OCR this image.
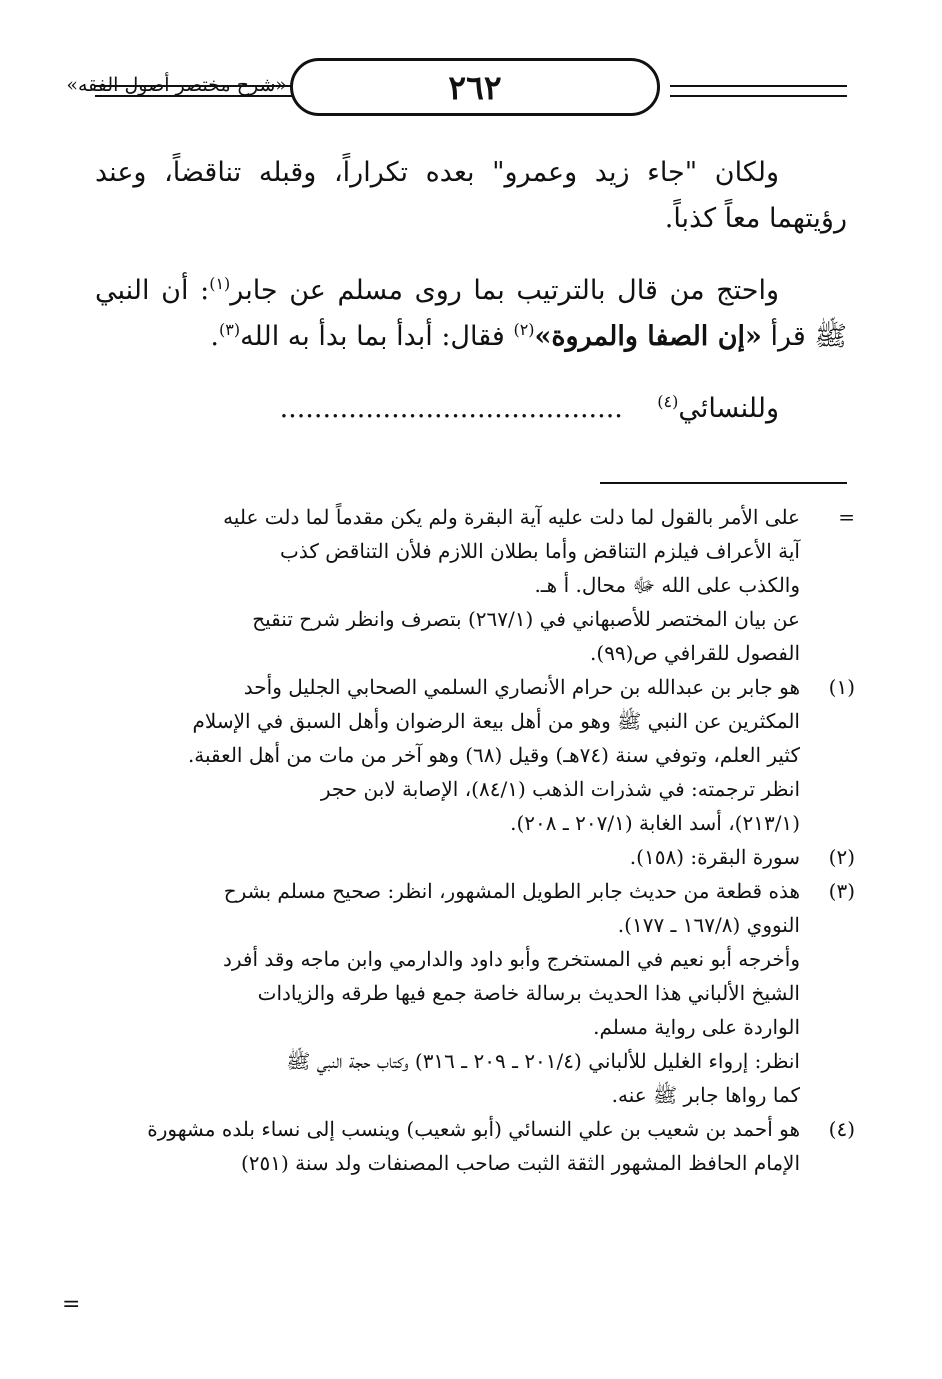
٢٦٢
«شرح مختصر أصول الفقه»

ولكان "جاء زيد وعمرو" بعده تكراراً، وقبله تناقضاً، وعند رؤيتهما معاً كذباً.

واحتج من قال بالترتيب بما روى مسلم عن جابر$^{(١)}$: أن النبي ﷺ قرأ «إن الصفا والمروة»$^{(٢)}$ فقال: أبدأ بما بدأ به الله$^{(٣)}$.

وللنسائي$^{(٤)}$    ........................................

=

على الأمر بالقول لما دلت عليه آية البقرة ولم يكن مقدماً لما دلت عليه

آية الأعراف فيلزم التناقض وأما بطلان اللازم فلأن التناقض كذب

والكذب على الله ﷻ محال. أ هـ.

عن بيان المختصر للأصبهاني في (٢٦٧/١) بتصرف وانظر شرح تنقيح

الفصول للقرافي ص(٩٩).

(١)

هو جابر بن عبدالله بن حرام الأنصاري السلمي الصحابي الجليل وأحد

المكثرين عن النبي ﷺ وهو من أهل بيعة الرضوان وأهل السبق في الإسلام

كثير العلم، وتوفي سنة (٧٤هـ) وقيل (٦٨) وهو آخر من مات من أهل العقبة.

انظر ترجمته: في شذرات الذهب (٨٤/١)، الإصابة لابن حجر

(٢١٣/١)، أسد الغابة (٢٠٧/١ ـ ٢٠٨).

(٢)

سورة البقرة: (١٥٨).

(٣)

هذه قطعة من حديث جابر الطويل المشهور، انظر: صحيح مسلم بشرح

النووي (١٦٧/٨ ـ ١٧٧).

وأخرجه أبو نعيم في المستخرج وأبو داود والدارمي وابن ماجه وقد أفرد

الشيخ الألباني هذا الحديث برسالة خاصة جمع فيها طرقه والزيادات

الواردة على رواية مسلم.

انظر: إرواء الغليل للألباني (٢٠١/٤ ـ ٢٠٩ ـ ٣١٦) وكتاب حجة النبي ﷺ

كما رواها جابر ﷺ عنه.

(٤)

هو أحمد بن شعيب بن علي النسائي (أبو شعيب) وينسب إلى نساء بلده مشهورة

الإمام الحافظ المشهور الثقة الثبت صاحب المصنفات ولد سنة (٢٥١)

=
